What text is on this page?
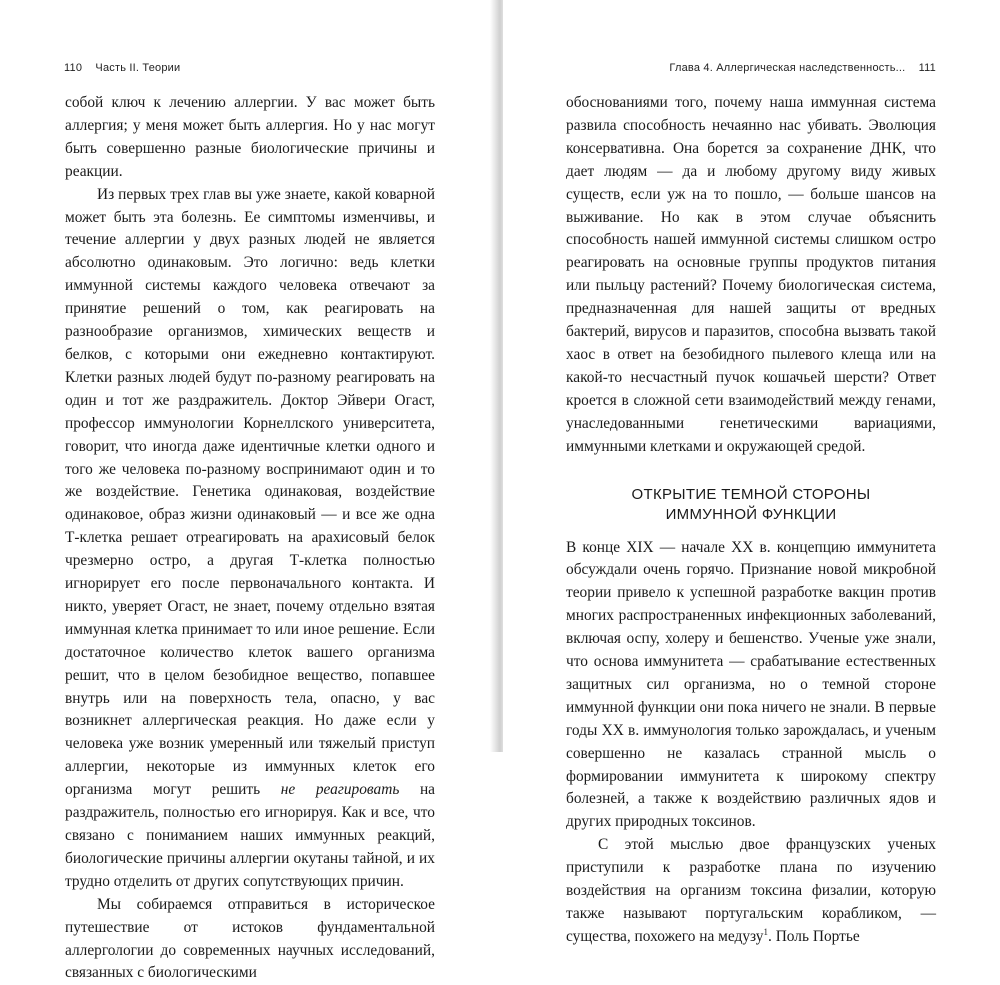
110 Часть II. Теории

собой ключ к лечению аллергии. У вас может быть аллергия; у меня может быть аллергия. Но у нас могут быть совершенно разные биологические причины и реакции.

Из первых трех глав вы уже знаете, какой коварной может быть эта болезнь. Ее симптомы изменчивы, и течение аллергии у двух разных людей не является абсолютно одинаковым. Это логично: ведь клетки иммунной системы каждого человека отвечают за принятие решений о том, как реагировать на разнообразие организмов, химических веществ и белков, с которыми они ежедневно контактируют. Клетки разных людей будут по-разному реагировать на один и тот же раздражитель. Доктор Эйвери Огаст, профессор иммунологии Корнеллского университета, говорит, что иногда даже идентичные клетки одного и того же человека по-разному воспринимают один и то же воздействие. Генетика одинаковая, воздействие одинаковое, образ жизни одинаковый — и все же одна Т-клетка решает отреагировать на арахисовый белок чрезмерно остро, а другая Т-клетка полностью игнорирует его после первоначального контакта. И никто, уверяет Огаст, не знает, почему отдельно взятая иммунная клетка принимает то или иное решение. Если достаточное количество клеток вашего организма решит, что в целом безобидное вещество, попавшее внутрь или на поверхность тела, опасно, у вас возникнет аллергическая реакция. Но даже если у человека уже возник умеренный или тяжелый приступ аллергии, некоторые из иммунных клеток его организма могут решить не реагировать на раздражитель, полностью его игнорируя. Как и все, что связано с пониманием наших иммунных реакций, биологические причины аллергии окутаны тайной, и их трудно отделить от других сопутствующих причин.

Мы собираемся отправиться в историческое путешествие от истоков фундаментальной аллергологии до современных научных исследований, связанных с биологическими

Глава 4. Аллергическая наследственность... 111

обоснованиями того, почему наша иммунная система развила способность нечаянно нас убивать. Эволюция консервативна. Она борется за сохранение ДНК, что дает людям — да и любому другому виду живых существ, если уж на то пошло, — больше шансов на выживание. Но как в этом случае объяснить способность нашей иммунной системы слишком остро реагировать на основные группы продуктов питания или пыльцу растений? Почему биологическая система, предназначенная для нашей защиты от вредных бактерий, вирусов и паразитов, способна вызвать такой хаос в ответ на безобидного пылевого клеща или на какой-то несчастный пучок кошачьей шерсти? Ответ кроется в сложной сети взаимодействий между генами, унаследованными генетическими вариациями, иммунными клетками и окружающей средой.

ОТКРЫТИЕ ТЕМНОЙ СТОРОНЫ
ИММУННОЙ ФУНКЦИИ

В конце XIX — начале XX в. концепцию иммунитета обсуждали очень горячо. Признание новой микробной теории привело к успешной разработке вакцин против многих распространенных инфекционных заболеваний, включая оспу, холеру и бешенство. Ученые уже знали, что основа иммунитета — срабатывание естественных защитных сил организма, но о темной стороне иммунной функции они пока ничего не знали. В первые годы XX в. иммунология только зарождалась, и ученым совершенно не казалась странной мысль о формировании иммунитета к широкому спектру болезней, а также к воздействию различных ядов и других природных токсинов.

С этой мыслью двое французских ученых приступили к разработке плана по изучению воздействия на организм токсина физалии, которую также называют португальским корабликом, — существа, похожего на медузу$^1$. Поль Портье
